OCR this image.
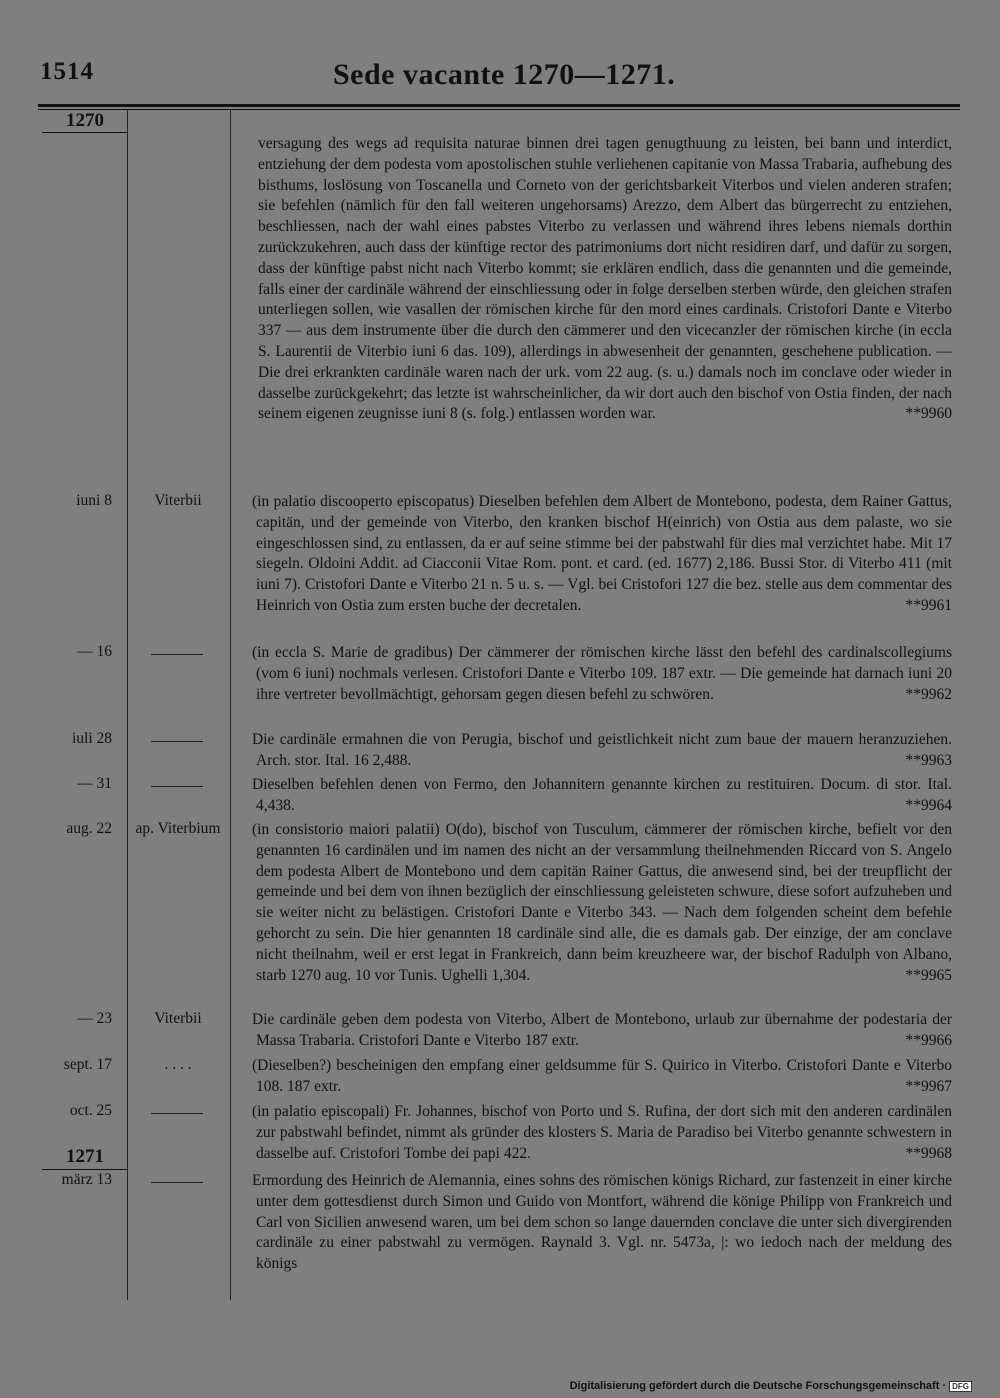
1514	Sede vacante 1270—1271.
1270
1271
versagung des wegs ad requisita naturae binnen drei tagen genugthuung zu leisten, bei bann und interdict, entziehung der dem podesta vom apostolischen stuhle verliehenen capitanie von Massa Trabaria, aufhebung des bisthums, loslösung von Toscanella und Corneto von der gerichtsbarkeit Viterbos und vielen anderen strafen; sie befehlen (nämlich für den fall weiteren ungehorsams) Arezzo, dem Albert das bürgerrecht zu entziehen, beschliessen, nach der wahl eines pabstes Viterbo zu verlassen und während ihres lebens niemals dorthin zurückzukehren, auch dass der künftige rector des patrimoniums dort nicht residiren darf, und dafür zu sorgen, dass der künftige pabst nicht nach Viterbo kommt; sie erklären endlich, dass die genannten und die gemeinde, falls einer der cardinäle während der einschliessung oder in folge derselben sterben würde, den gleichen strafen unterliegen sollen, wie vasallen der römischen kirche für den mord eines cardinals. Cristofori Dante e Viterbo 337 — aus dem instrumente über die durch den cämmerer und den vicecanzler der römischen kirche (in eccla S. Laurentii de Viterbio iuni 6 das. 109), allerdings in abwesenheit der genannten, geschehene publication. — Die drei erkrankten cardinäle waren nach der urk. vom 22 aug. (s. u.) damals noch im conclave oder wieder in dasselbe zurückgekehrt; das letzte ist wahrscheinlicher, da wir dort auch den bischof von Ostia finden, der nach seinem eigenen zeugnisse iuni 8 (s. folg.) entlassen worden war.	**9960
iuni 8	Viterbii	(in palatio discooperto episcopatus) Dieselben befehlen dem Albert de Montebono, podesta, dem Rainer Gattus, capitän, und der gemeinde von Viterbo, den kranken bischof H(einrich) von Ostia aus dem palaste, wo sie eingeschlossen sind, zu entlassen, da er auf seine stimme bei der pabstwahl für dies mal verzichtet habe. Mit 17 siegeln. Oldoini Addit. ad Ciacconii Vitae Rom. pont. et card. (ed. 1677) 2,186. Bussi Stor. di Viterbo 411 (mit iuni 7). Cristofori Dante e Viterbo 21 n. 5 u. s. — Vgl. bei Cristofori 127 die bez. stelle aus dem commentar des Heinrich von Ostia zum ersten buche der decretalen.	**9961
— 16	(in eccla S. Marie de gradibus) Der cämmerer der römischen kirche lässt den befehl des cardinalscollegiums (vom 6 iuni) nochmals verlesen. Cristofori Dante e Viterbo 109. 187 extr. — Die gemeinde hat darnach iuni 20 ihre vertreter bevollmächtigt, gehorsam gegen diesen befehl zu schwören.	**9962
iuli 28	Die cardinäle ermahnen die von Perugia, bischof und geistlichkeit nicht zum baue der mauern heranzuziehen. Arch. stor. Ital. 16 2,488.	**9963
— 31	Dieselben befehlen denen von Fermo, den Johannitern genannte kirchen zu restituiren. Docum. di stor. Ital. 4,438.	**9964
aug. 22	ap. Viterbium	(in consistorio maiori palatii) O(do), bischof von Tusculum, cämmerer der römischen kirche, befielt vor den genannten 16 cardinälen und im namen des nicht an der versammlung theilnehmenden Riccard von S. Angelo dem podesta Albert de Montebono und dem capitän Rainer Gattus, die anwesend sind, bei der treupflicht der gemeinde und bei dem von ihnen bezüglich der einschliessung geleisteten schwure, diese sofort aufzuheben und sie weiter nicht zu belästigen. Cristofori Dante e Viterbo 343. — Nach dem folgenden scheint dem befehle gehorcht zu sein. Die hier genannten 18 cardinäle sind alle, die es damals gab. Der einzige, der am conclave nicht theilnahm, weil er erst legat in Frankreich, dann beim kreuzheere war, der bischof Radulph von Albano, starb 1270 aug. 10 vor Tunis. Ughelli 1,304.	**9965
— 23	Viterbii	Die cardinäle geben dem podesta von Viterbo, Albert de Montebono, urlaub zur übernahme der podestaria der Massa Trabaria. Cristofori Dante e Viterbo 187 extr.	**9966
sept. 17	. . . .	(Dieselben?) bescheinigen den empfang einer geldsumme für S. Quirico in Viterbo. Cristofori Dante e Viterbo 108. 187 extr.	**9967
oct. 25	(in palatio episcopali) Fr. Johannes, bischof von Porto und S. Rufina, der dort sich mit den anderen cardinälen zur pabstwahl befindet, nimmt als gründer des klosters S. Maria de Paradiso bei Viterbo genannte schwestern in dasselbe auf. Cristofori Tombe dei papi 422.	**9968
märz 13	Ermordung des Heinrich de Alemannia, eines sohns des römischen königs Richard, zur fastenzeit in einer kirche unter dem gottesdienst durch Simon und Guido von Montfort, während die könige Philipp von Frankreich und Carl von Sicilien anwesend waren, um bei dem schon so lange dauernden conclave die unter sich divergirenden cardinäle zu einer pabstwahl zu vermögen. Raynald 3. Vgl. nr. 5473a, |: wo iedoch nach der meldung des königs
Digitalisierung gefördert durch die Deutsche Forschungsgemeinschaft · DFG
